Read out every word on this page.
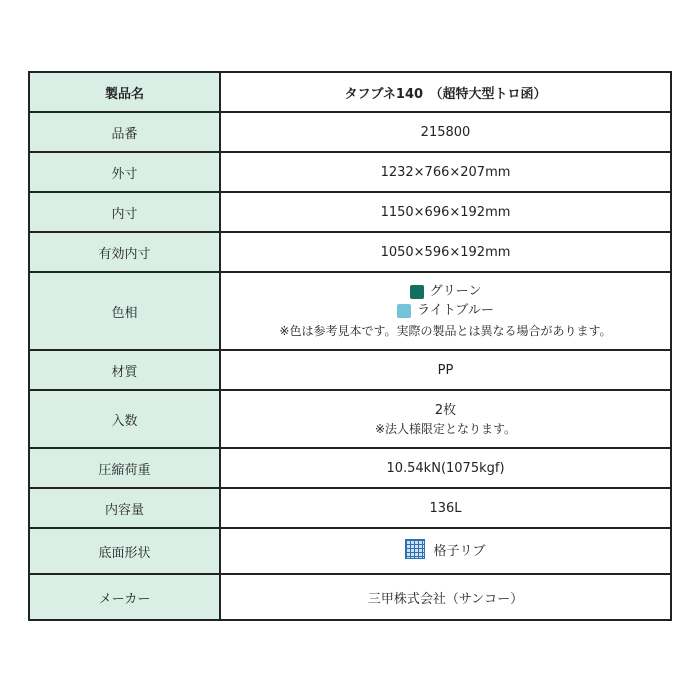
製品名	タフブネ140　（超特大型トロ函）
品番	215800
外寸	1232×766×207mm
内寸	1150×696×192mm
有効内寸	1050×596×192mm
色相	グリーン
ライトブルー
※色は参考見本です。実際の製品とは異なる場合があります。

材質	PP
入数	2枚
※法人様限定となります。

圧縮荷重	10.54kN(1075kgf)
内容量	136L
底面形状	格子リブ

メーカー	三甲株式会社（サンコー）
